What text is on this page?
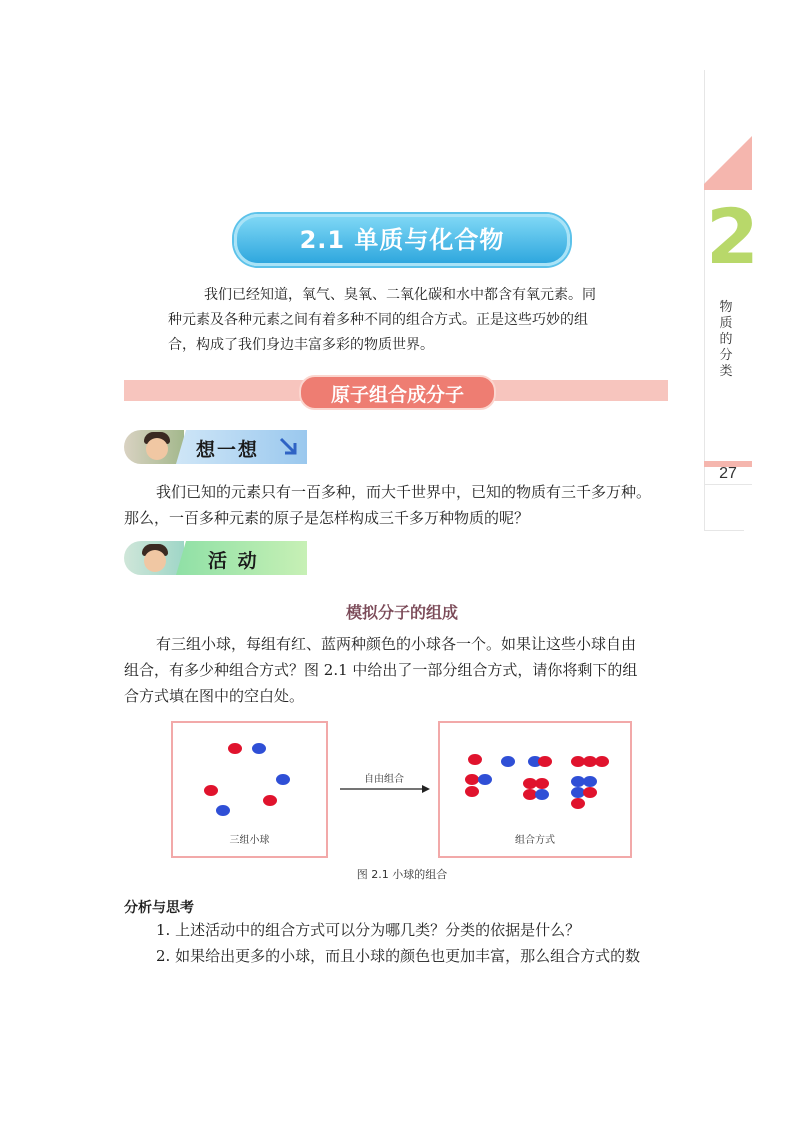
2
物
质
的
分
类
27
2.1 单质与化合物
我们已经知道，氧气、臭氧、二氧化碳和水中都含有氧元素。同
种元素及各种元素之间有着多种不同的组合方式。正是这些巧妙的组
合，构成了我们身边丰富多彩的物质世界。
原子组合成分子
想一想
我们已知的元素只有一百多种，而大千世界中，已知的物质有三千多万种。
那么，一百多种元素的原子是怎样构成三千多万种物质的呢？
活 动
模拟分子的组成
有三组小球，每组有红、蓝两种颜色的小球各一个。如果让这些小球自由
组合，有多少种组合方式？图 2.1 中给出了一部分组合方式，请你将剩下的组
合方式填在图中的空白处。
三组小球
自由组合
组合方式
图 2.1 小球的组合
分析与思考
1. 上述活动中的组合方式可以分为哪几类？分类的依据是什么？
2. 如果给出更多的小球，而且小球的颜色也更加丰富，那么组合方式的数
